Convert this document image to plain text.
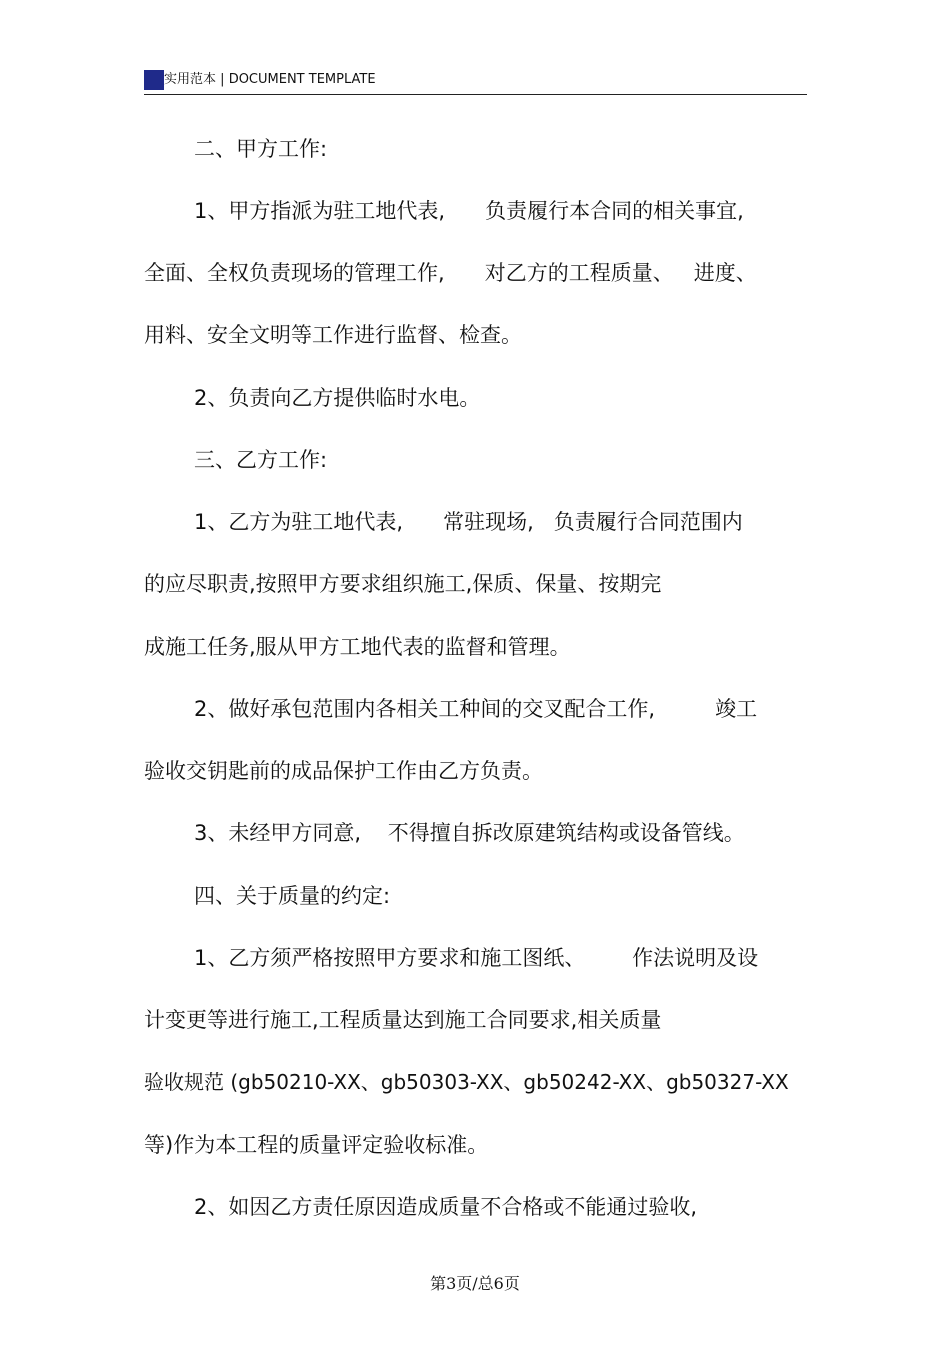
实用范本 | DOCUMENT TEMPLATE
二、甲方工作:
1、甲方指派为驻工地代表,      负责履行本合同的相关事宜,
全面、全权负责现场的管理工作,      对乙方的工程质量、   进度、
用料、安全文明等工作进行监督、检查。
2、负责向乙方提供临时水电。
三、乙方工作:
1、乙方为驻工地代表,      常驻现场,   负责履行合同范围内
的应尽职责,按照甲方要求组织施工,保质、保量、按期完
成施工任务,服从甲方工地代表的监督和管理。
2、做好承包范围内各相关工种间的交叉配合工作,         竣工
验收交钥匙前的成品保护工作由乙方负责。
3、未经甲方同意,    不得擅自拆改原建筑结构或设备管线。
四、关于质量的约定:
1、乙方须严格按照甲方要求和施工图纸、       作法说明及设
计变更等进行施工,工程质量达到施工合同要求,相关质量
验收规范 (gb50210-XX、gb50303-XX、gb50242-XX、gb50327-XX
等)作为本工程的质量评定验收标准。
2、如因乙方责任原因造成质量不合格或不能通过验收,
第3页/总6页
